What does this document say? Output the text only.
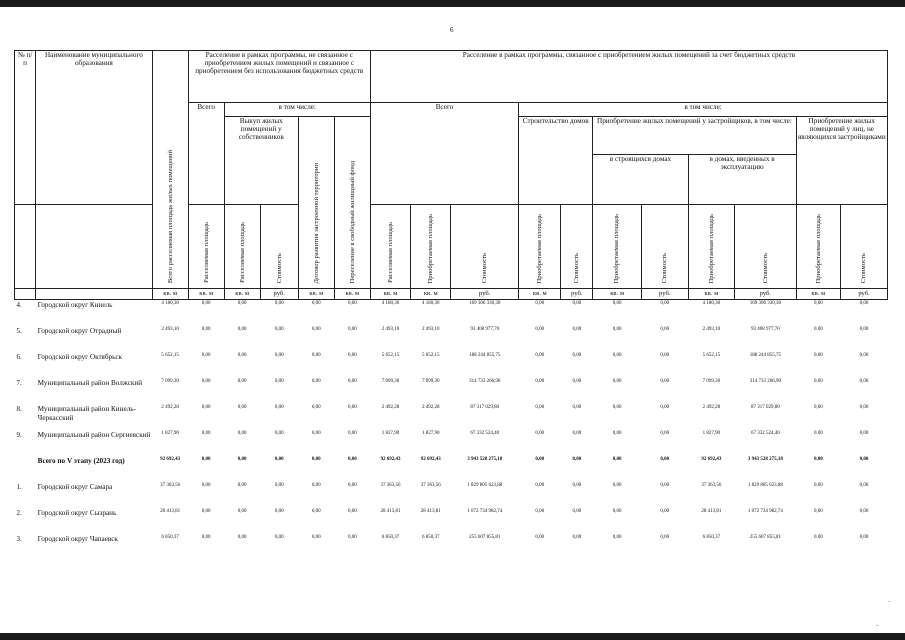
6
№ п/п	Наименование муниципального образования	Всего расселяемая площадь жилых помещений	Расселение в рамках программы, не связанное с приобретением жилых помещений и связанное с приобретением без использования бюджетных средств					Расселение в рамках программы, связанное с приобретением жилых помещений за счет бюджетных средств										
			Всего	в том числе:				Всего			в том числе:							
				Выкуп жилых помещений у собственников		Договор развития застроенной территории	Переселение в свободный жилищный фонд				Строительство домов		Приобретение жилых помещений у застройщиков, в том числе:				Приобретение жилых помещений у лиц, не являющихся застройщиками	
													в строящихся домах		в домах, введенных в эксплуатацию			
			Расселяемая площадь	Расселяемая площадь	Стоимость			Расселяемая площадь	Приобретаемая площадь	Стоимость	Приобретаемая площадь	Стоимость	Приобретаемая площадь	Стоимость	Приобретаемая площадь	Стоимость	Приобретаемая площадь	Стоимость
		кв. м	кв. м	кв. м	руб.	кв. м	кв. м	кв. м	кв. м	руб.	кв. м	руб.	кв. м	руб.	кв. м	руб.	кв. м	руб.
4.	Городской округ Кинель	4 180,30	0,00	0,00	0,00	0,00	0,00	4 180,30	4 180,30	169 306 330,30	0,00	0,00	0,00	0,00	4 180,30	169 306 330,30	0,00	0,00
5.	Городской округ Отрадный	2 493,10	0,00	0,00	0,00	0,00	0,00	2 493,10	2 493,10	93 408 977,70	0,00	0,00	0,00	0,00	2 493,10	93 408 977,70	0,00	0,00
6.	Городской округ Октябрьск	5 652,15	0,00	0,00	0,00	0,00	0,00	5 652,15	5 652,15	188 244 855,75	0,00	0,00	0,00	0,00	5 652,15	188 244 855,75	0,00	0,00
7.	Муниципальный район Волжский	7 099,30	0,00	0,00	0,00	0,00	0,00	7 099,30	7 099,30	314 733 266,90	0,00	0,00	0,00	0,00	7 099,30	314 733 266,90	0,00	0,00
8.	Муниципальный район Кинель-Черкасский	2 492,28	0,00	0,00	0,00	0,00	0,00	2 492,28	2 492,28	87 317 029,80	0,00	0,00	0,00	0,00	2 492,28	87 317 029,80	0,00	0,00
9.	Муниципальный район Сергиевский	1 827,90	0,00	0,00	0,00	0,00	0,00	1 827,90	1 827,90	67 332 524,40	0,00	0,00	0,00	0,00	1 827,90	67 332 524,40	0,00	0,00
	Всего по V этапу (2023 год)	92 692,43	0,00	0,00	0,00	0,00	0,00	92 692,43	92 692,43	3 943 528 275,18	0,00	0,00	0,00	0,00	92 692,43	3 943 528 275,18	0,00	0,00
1.	Городской округ Самара	37 363,56	0,00	0,00	0,00	0,00	0,00	37 363,56	37 363,56	1 829 805 623,88	0,00	0,00	0,00	0,00	37 363,56	1 829 805 623,88	0,00	0,00
2.	Городской округ Сызрань	28 413,81	0,00	0,00	0,00	0,00	0,00	28 413,81	28 413,81	1 072 734 982,74	0,00	0,00	0,00	0,00	28 413,81	1 072 734 982,74	0,00	0,00
3.	Городской округ Чапаевск	6 850,37	0,00	0,00	0,00	0,00	0,00	6 850,37	6 850,37	255 607 855,81	0,00	0,00	0,00	0,00	6 850,37	255 607 855,81	0,00	0,00
·
·
